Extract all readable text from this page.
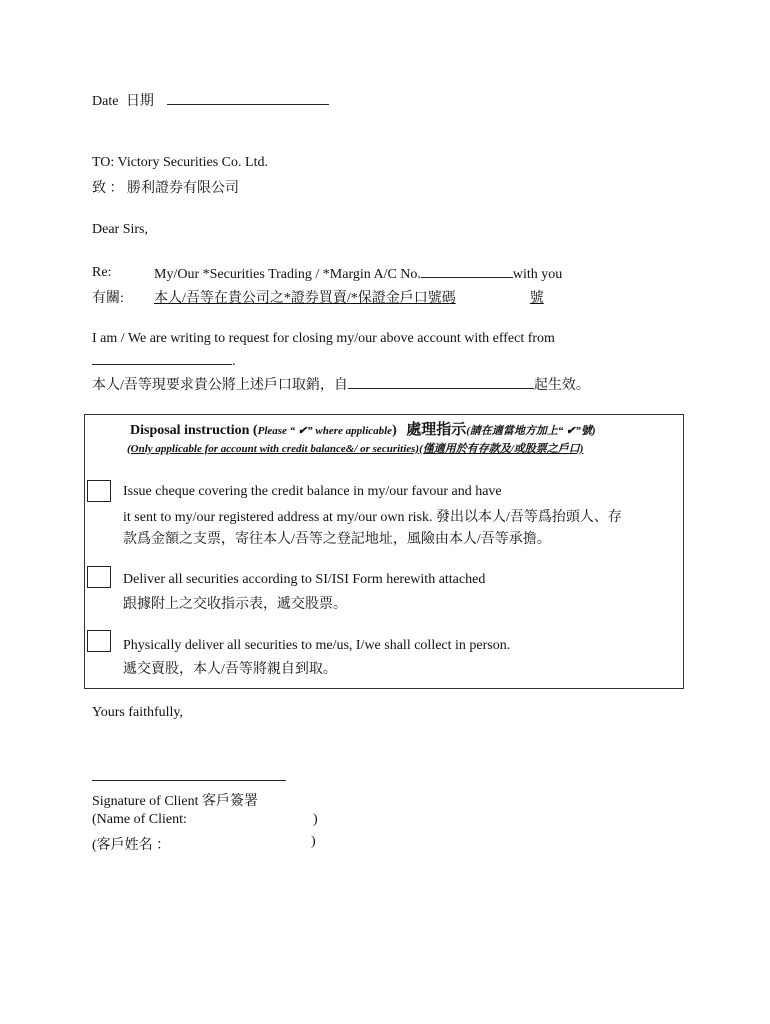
Date 日期
TO: Victory Securities Co. Ltd.
致 ： 勝利證券有限公司
Dear Sirs,
Re:	My/Our *Securities Trading / *Margin A/C No.	with you
有關: 本人/吾等在貴公司之*證券買賣/*保證金戶口號碼	號
I am / We are writing to request for closing my/our above account with effect from
.
本人/吾等現要求貴公將上述戶口取銷，自	起生效。
Disposal instruction (Please “ ✔” where applicable) 處理指示(請在適當地方加上“ ✔”號)
(Only applicable for account with credit balance&/ or securities)(僅適用於有存款及/或股票之戶口)
Issue cheque covering the credit balance in my/our favour and have
it sent to my/our registered address at my/our own risk. 發出以本人/吾等爲抬頭人、存
款爲金額之支票，寄往本人/吾等之登記地址，風險由本人/吾等承擔。
Deliver all securities according to SI/ISI Form herewith attached
跟據附上之交收指示表，遞交股票。
Physically deliver all securities to me/us, I/we shall collect in person.
遞交賣股，本人/吾等將親自到取。
Yours faithfully,
Signature of Client 客戶簽署
(Name of Client:	)
(客戶姓名 ：	)
